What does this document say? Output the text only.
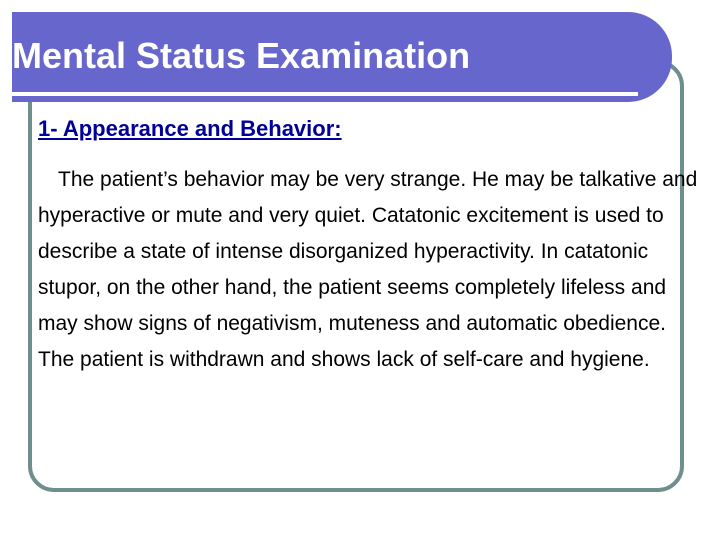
Mental Status Examination
1- Appearance and Behavior:
The patient’s behavior may be very strange. He may be talkative and hyperactive or mute and very quiet. Catatonic excitement is used to describe a state of intense disorganized hyperactivity. In catatonic stupor, on the other hand, the patient seems completely lifeless and may show signs of negativism, muteness and automatic obedience. The patient is withdrawn and shows lack of self-care and hygiene.
